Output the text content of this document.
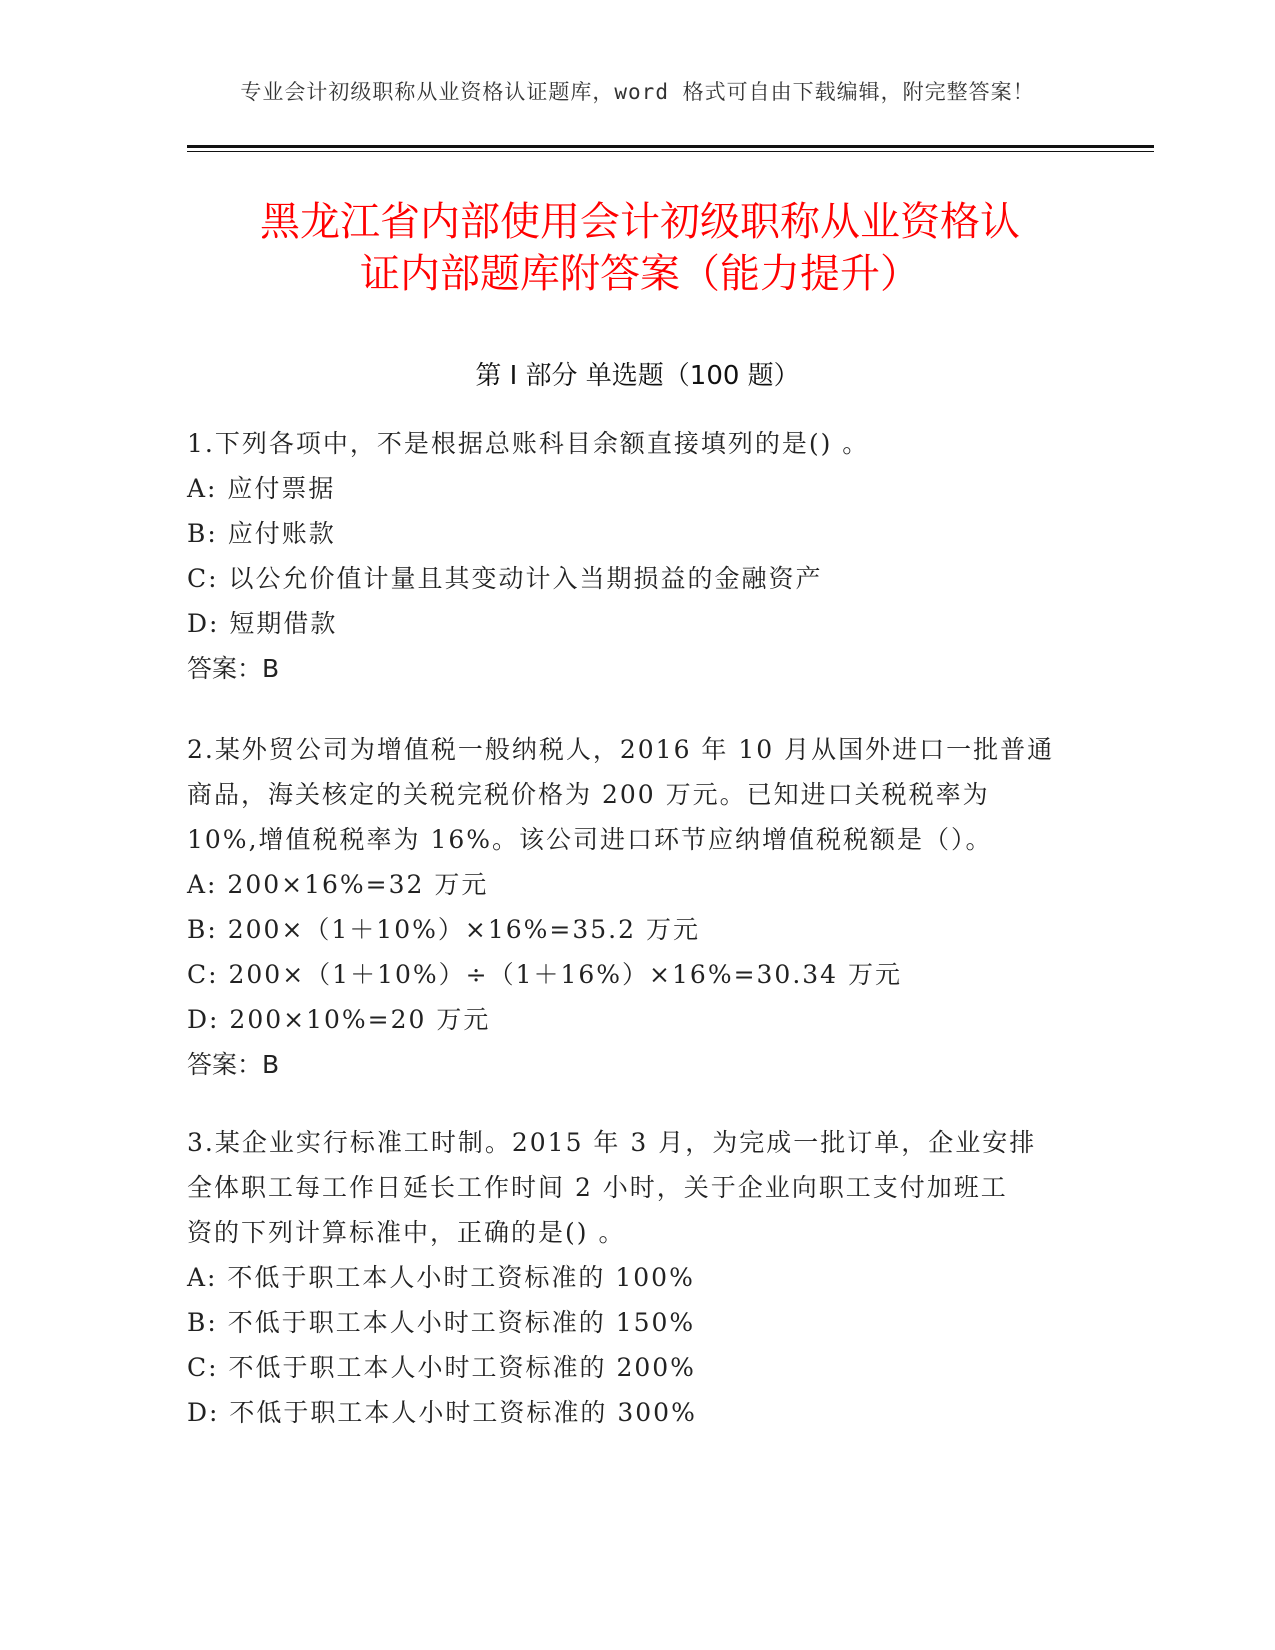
专业会计初级职称从业资格认证题库，word 格式可自由下载编辑，附完整答案！
黑龙江省内部使用会计初级职称从业资格认
证内部题库附答案（能力提升）
第 I 部分 单选题（100 题）

1.下列各项中，不是根据总账科目余额直接填列的是() 。

A: 应付票据

B: 应付账款

C: 以公允价值计量且其变动计入当期损益的金融资产

D: 短期借款

答案：B

2.某外贸公司为增值税一般纳税人，2016 年 10 月从国外进口一批普通

商品，海关核定的关税完税价格为 200 万元。已知进口关税税率为

10%,增值税税率为 16%。该公司进口环节应纳增值税税额是（）。

A: 200×16%=32 万元

B: 200×（1＋10%）×16%=35.2 万元

C: 200×（1＋10%）÷（1＋16%）×16%=30.34 万元

D: 200×10%=20 万元

答案：B

3.某企业实行标准工时制。2015 年 3 月，为完成一批订单，企业安排

全体职工每工作日延长工作时间 2 小时，关于企业向职工支付加班工

资的下列计算标准中，正确的是() 。

A: 不低于职工本人小时工资标准的 100%

B: 不低于职工本人小时工资标准的 150%

C: 不低于职工本人小时工资标准的 200%

D: 不低于职工本人小时工资标准的 300%
